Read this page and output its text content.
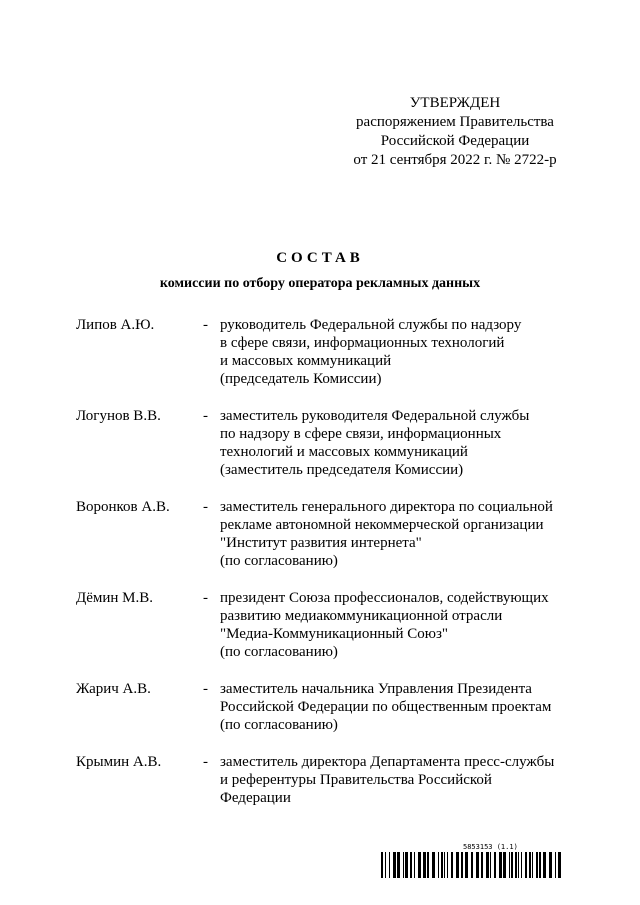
УТВЕРЖДЕН
распоряжением Правительства
Российской Федерации
от 21 сентября 2022 г. № 2722-р
СОСТАВ
комиссии по отбору оператора рекламных данных
Липов А.Ю.	- руководитель Федеральной службы по надзору
в сфере связи, информационных технологий
и массовых коммуникаций
(председатель Комиссии)
Логунов В.В.	- заместитель руководителя Федеральной службы
по надзору в сфере связи, информационных
технологий и массовых коммуникаций
(заместитель председателя Комиссии)
Воронков А.В. - заместитель генерального директора по социальной
рекламе автономной некоммерческой организации
"Институт развития интернета"
(по согласованию)
Дёмин М.В.	- президент Союза профессионалов, содействующих
развитию медиакоммуникационной отрасли
"Медиа-Коммуникационный Союз"
(по согласованию)
Жарич А.В.	- заместитель начальника Управления Президента
Российской Федерации по общественным проектам
(по согласованию)
Крымин А.В.	- заместитель директора Департамента пресс-службы
и референтуры Правительства Российской
Федерации
5853153 (1.1)
